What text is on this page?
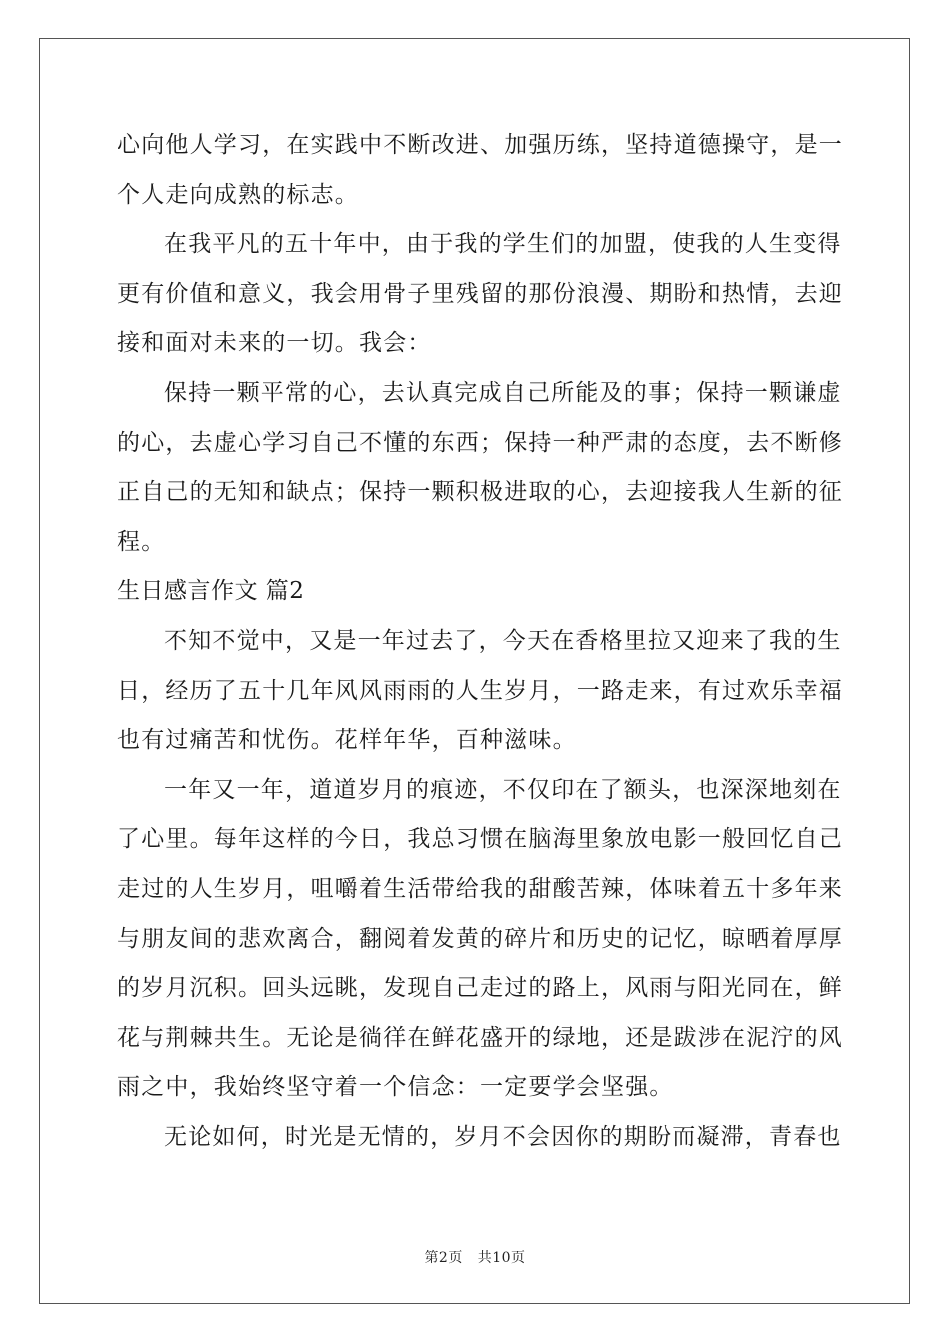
心向他人学习，在实践中不断改进、加强历练，坚持道德操守，是一
个人走向成熟的标志。
在我平凡的五十年中，由于我的学生们的加盟，使我的人生变得
更有价值和意义，我会用骨子里残留的那份浪漫、期盼和热情，去迎
接和面对未来的一切。我会：
保持一颗平常的心，去认真完成自己所能及的事；保持一颗谦虚
的心，去虚心学习自己不懂的东西；保持一种严肃的态度，去不断修
正自己的无知和缺点；保持一颗积极进取的心，去迎接我人生新的征
程。
生日感言作文 篇2
不知不觉中，又是一年过去了，今天在香格里拉又迎来了我的生
日，经历了五十几年风风雨雨的人生岁月，一路走来，有过欢乐幸福
也有过痛苦和忧伤。花样年华，百种滋味。
一年又一年，道道岁月的痕迹，不仅印在了额头，也深深地刻在
了心里。每年这样的今日，我总习惯在脑海里象放电影一般回忆自己
走过的人生岁月，咀嚼着生活带给我的甜酸苦辣，体味着五十多年来
与朋友间的悲欢离合，翻阅着发黄的碎片和历史的记忆，晾晒着厚厚
的岁月沉积。回头远眺，发现自己走过的路上，风雨与阳光同在，鲜
花与荆棘共生。无论是徜徉在鲜花盛开的绿地，还是跋涉在泥泞的风
雨之中，我始终坚守着一个信念：一定要学会坚强。
无论如何，时光是无情的，岁月不会因你的期盼而凝滞，青春也
第2页 共10页
